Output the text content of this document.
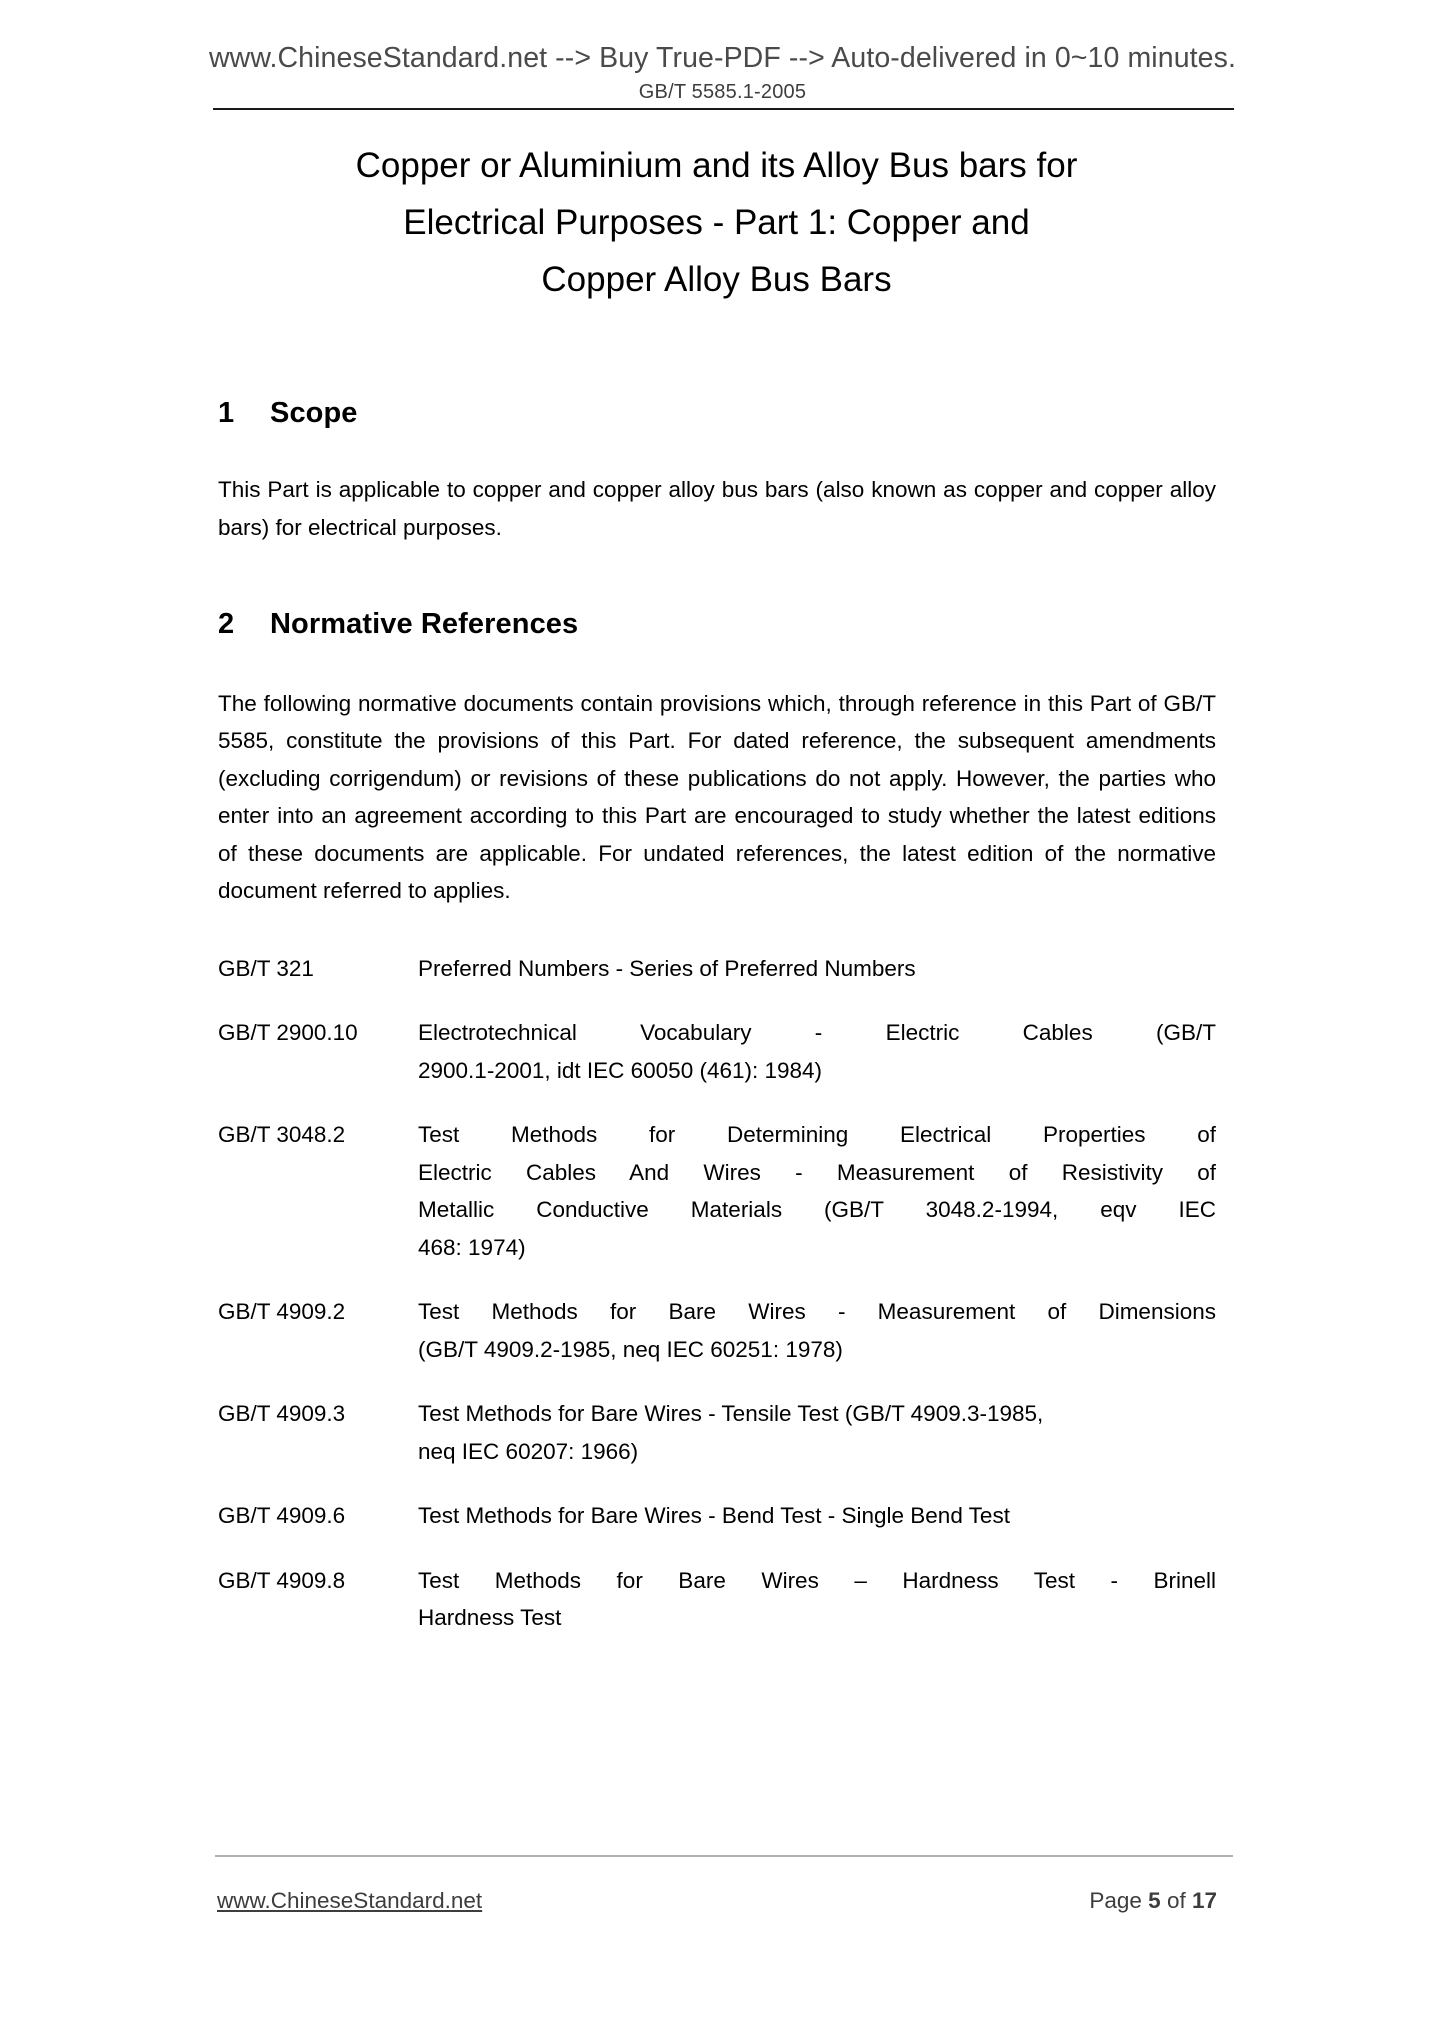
www.ChineseStandard.net --> Buy True-PDF --> Auto-delivered in 0~10 minutes.
GB/T 5585.1-2005
Copper or Aluminium and its Alloy Bus bars for
Electrical Purposes - Part 1: Copper and
Copper Alloy Bus Bars
1 Scope

This Part is applicable to copper and copper alloy bus bars (also known as copper and copper alloy bars) for electrical purposes.

2 Normative References

The following normative documents contain provisions which, through reference in this Part of GB/T 5585, constitute the provisions of this Part. For dated reference, the subsequent amendments (excluding corrigendum) or revisions of these publications do not apply. However, the parties who enter into an agreement according to this Part are encouraged to study whether the latest editions of these documents are applicable. For undated references, the latest edition of the normative document referred to applies.

GB/T 321	Preferred Numbers - Series of Preferred Numbers
GB/T 2900.10	Electrotechnical Vocabulary - Electric Cables (GB/T
2900.1-2001, idt IEC 60050 (461): 1984)
GB/T 3048.2	Test Methods for Determining Electrical Properties of
Electric Cables And Wires - Measurement of Resistivity of
Metallic Conductive Materials (GB/T 3048.2-1994, eqv IEC
468: 1974)
GB/T 4909.2	Test Methods for Bare Wires - Measurement of Dimensions
(GB/T 4909.2-1985, neq IEC 60251: 1978)
GB/T 4909.3	Test Methods for Bare Wires - Tensile Test (GB/T 4909.3-1985,
neq IEC 60207: 1966)
GB/T 4909.6	Test Methods for Bare Wires - Bend Test - Single Bend Test
GB/T 4909.8	Test Methods for Bare Wires – Hardness Test - Brinell
Hardness Test
www.ChineseStandard.net	Page 5 of 17
